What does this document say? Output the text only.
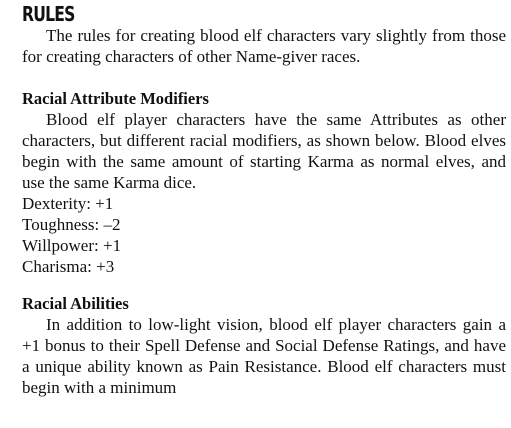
RULES

The rules for creating blood elf characters vary slightly from those for creating characters of other Name-giver races.

Racial Attribute Modifiers

Blood elf player characters have the same Attributes as other characters, but different racial modifiers, as shown below. Blood elves begin with the same amount of starting Karma as normal elves, and use the same Karma dice.

Dexterity: +1

Toughness: –2

Willpower: +1

Charisma: +3

Racial Abilities

In addition to low-light vision, blood elf player characters gain a +1 bonus to their Spell Defense and Social Defense Ratings, and have a unique ability known as Pain Resistance. Blood elf characters must begin with a minimum
